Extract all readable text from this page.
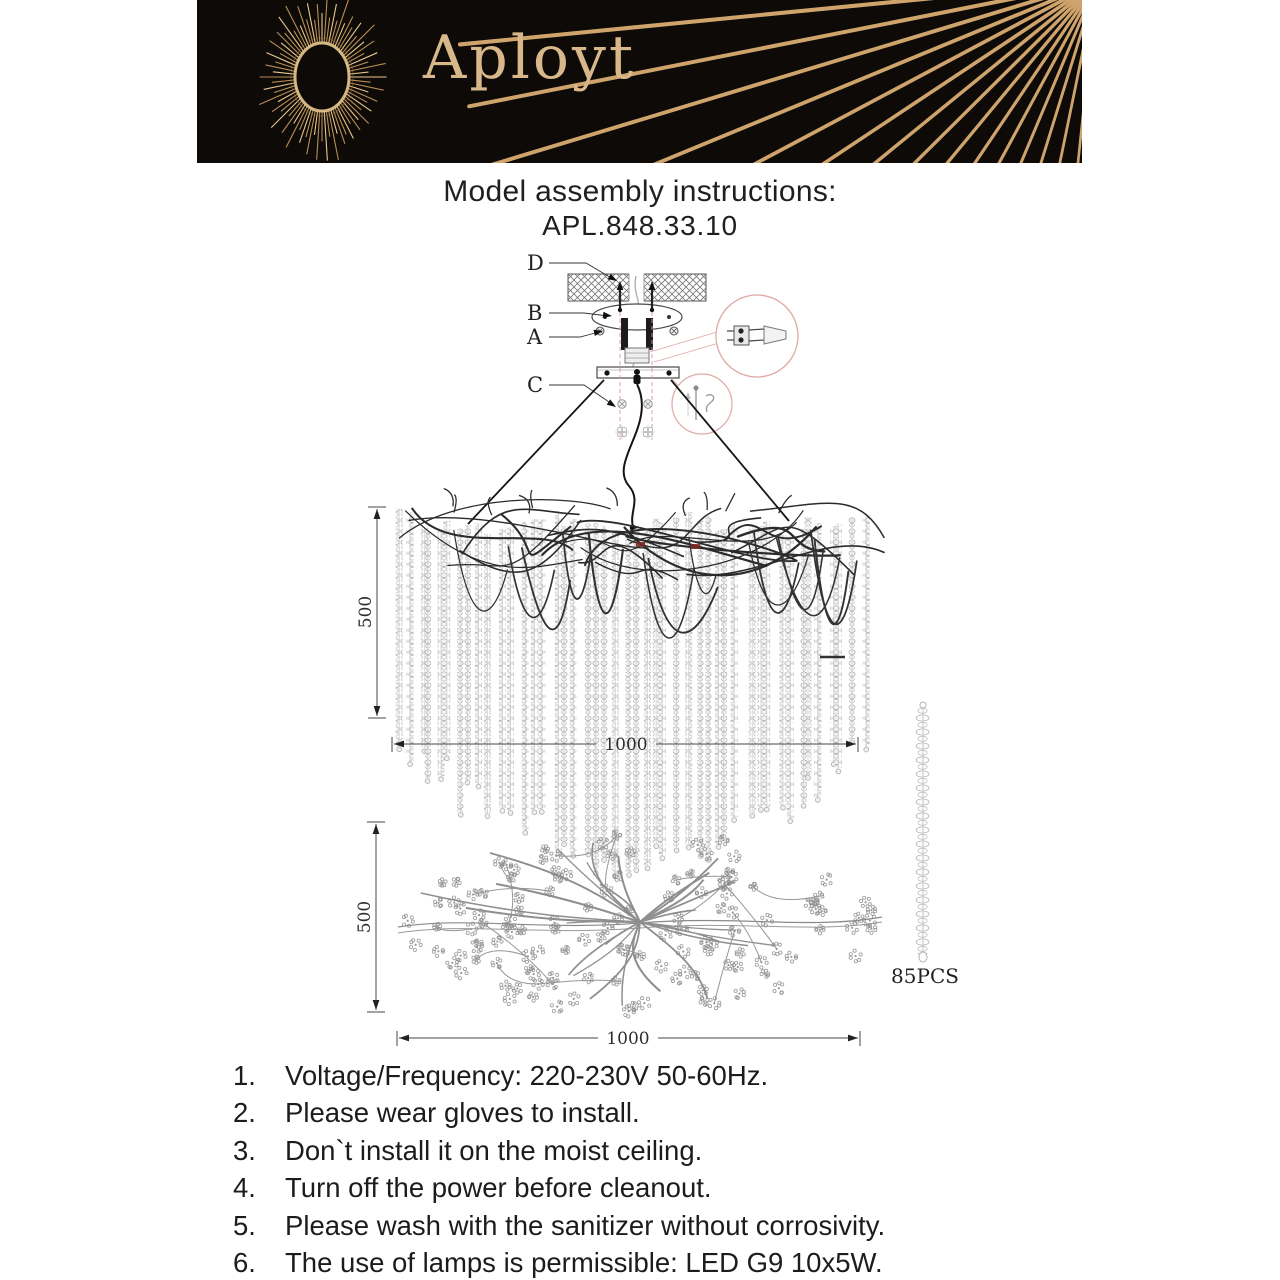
Aployt
Model assembly instructions:
APL.848.33.10
D
B
A
C
500
1000
500
1000
85PCS
1.	Voltage/Frequency: 220-230V 50-60Hz.
2.	Please wear gloves to install.
3.	Don`t install it on the moist ceiling.
4.	Turn off the power before cleanout.
5.	Please wash with the sanitizer without corrosivity.
6.	The use of lamps is permissible: LED G9 10x5W.
